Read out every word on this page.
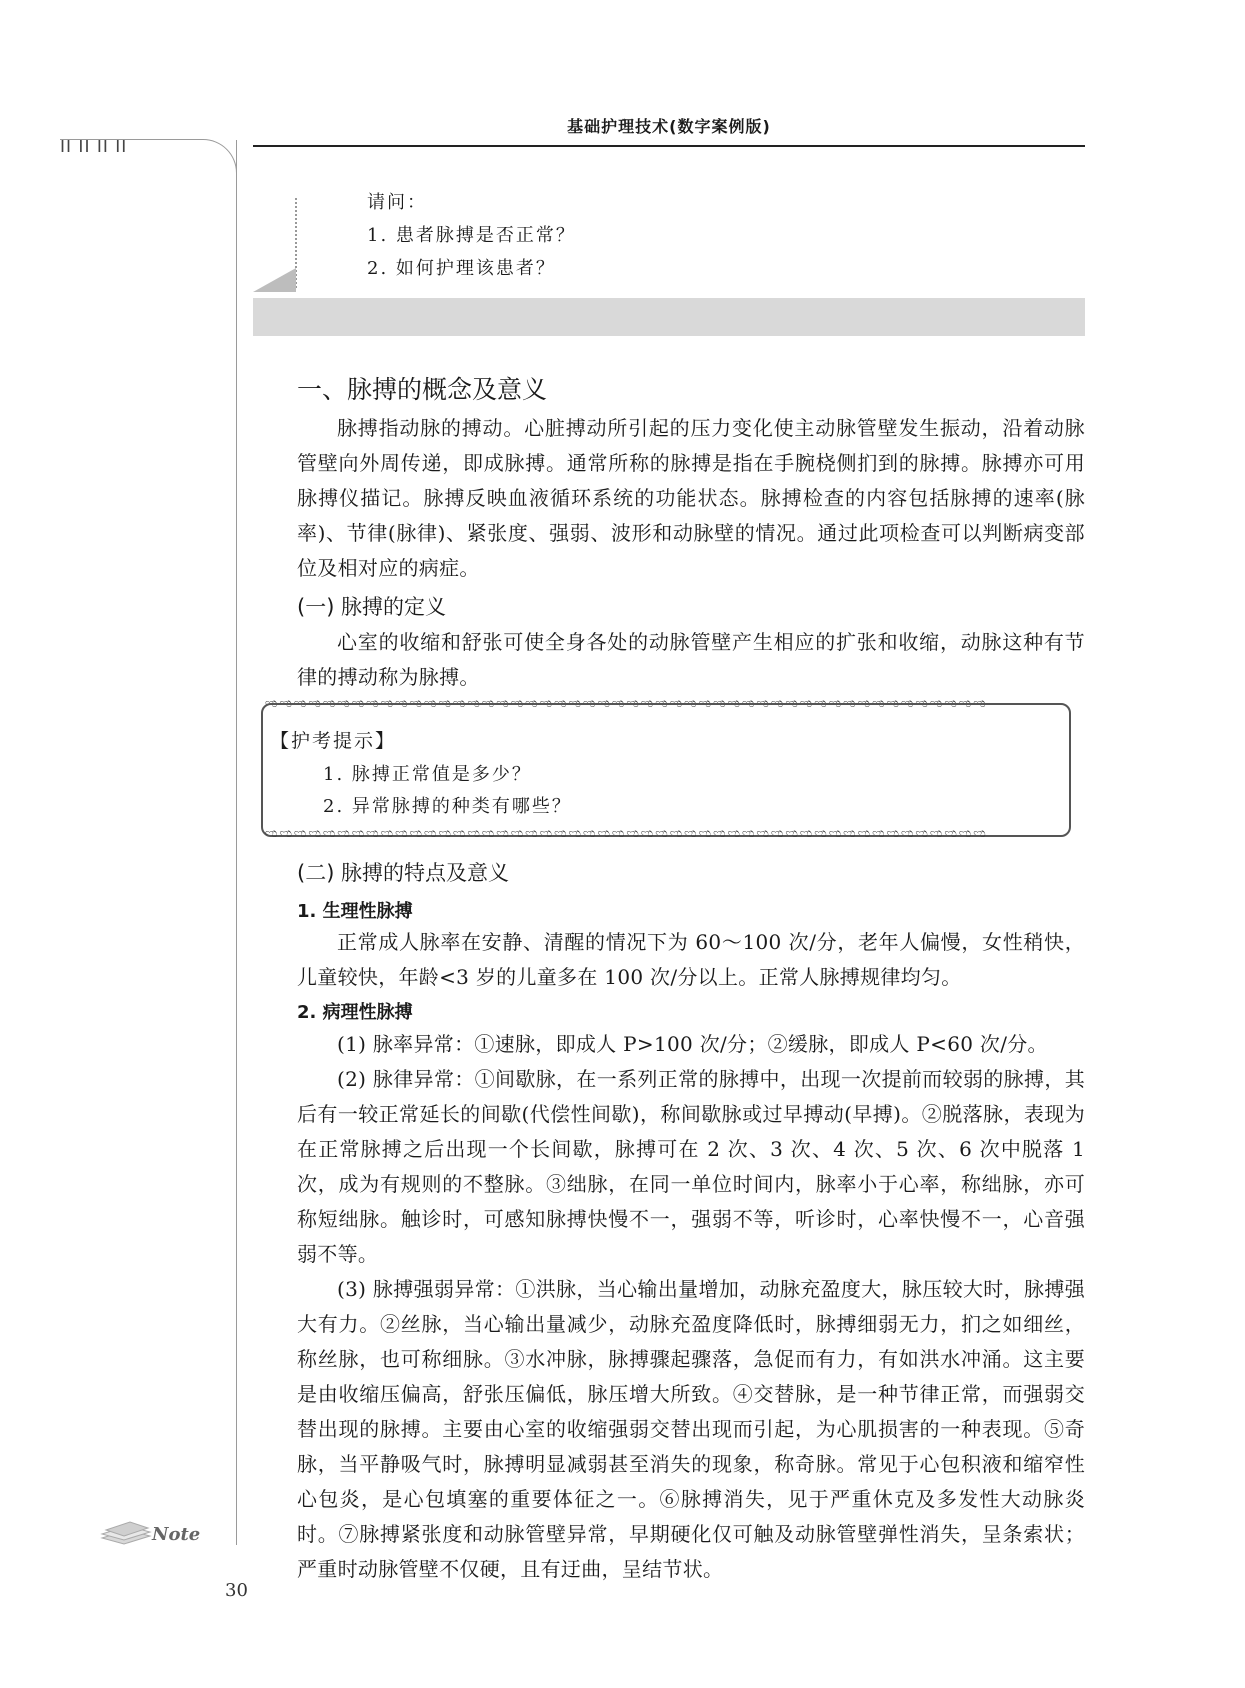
II II II II
基础护理技术(数字案例版)
请问：
1. 患者脉搏是否正常？
2. 如何护理该患者？
一、脉搏的概念及意义

脉搏指动脉的搏动。心脏搏动所引起的压力变化使主动脉管壁发生振动，沿着动脉管壁向外周传递，即成脉搏。通常所称的脉搏是指在手腕桡侧扪到的脉搏。脉搏亦可用脉搏仪描记。脉搏反映血液循环系统的功能状态。脉搏检查的内容包括脉搏的速率(脉率)、节律(脉律)、紧张度、强弱、波形和动脉壁的情况。通过此项检查可以判断病变部位及相对应的病症。

(一) 脉搏的定义

心室的收缩和舒张可使全身各处的动脉管壁产生相应的扩张和收缩，动脉这种有节律的搏动称为脉搏。

ಌಌಌಌಌಌಌಌಌಌಌಌಌಌಌಌಌಌಌಌಌಌಌಌಌಌಌಌಌಌಌಌಌಌಌಌಌಌಌಌಌಌಌಌಌಌಌಌಌಌ
ಌಌಌಌಌಌಌಌಌಌಌಌಌಌಌಌಌಌಌಌಌಌಌಌಌಌಌಌಌಌಌಌಌಌಌಌಌಌಌಌಌಌಌಌಌಌಌಌಌಌ
【护考提示】
1. 脉搏正常值是多少？
2. 异常脉搏的种类有哪些？
(二) 脉搏的特点及意义
1. 生理性脉搏

正常成人脉率在安静、清醒的情况下为 60～100 次/分，老年人偏慢，女性稍快，儿童较快，年龄<3 岁的儿童多在 100 次/分以上。正常人脉搏规律均匀。

2. 病理性脉搏

(1) 脉率异常：①速脉，即成人 P>100 次/分；②缓脉，即成人 P<60 次/分。

(2) 脉律异常：①间歇脉，在一系列正常的脉搏中，出现一次提前而较弱的脉搏，其后有一较正常延长的间歇(代偿性间歇)，称间歇脉或过早搏动(早搏)。②脱落脉，表现为在正常脉搏之后出现一个长间歇，脉搏可在 2 次、3 次、4 次、5 次、6 次中脱落 1 次，成为有规则的不整脉。③绌脉，在同一单位时间内，脉率小于心率，称绌脉，亦可称短绌脉。触诊时，可感知脉搏快慢不一，强弱不等，听诊时，心率快慢不一，心音强弱不等。

(3) 脉搏强弱异常：①洪脉，当心输出量增加，动脉充盈度大，脉压较大时，脉搏强大有力。②丝脉，当心输出量减少，动脉充盈度降低时，脉搏细弱无力，扪之如细丝，称丝脉，也可称细脉。③水冲脉，脉搏骤起骤落，急促而有力，有如洪水冲涌。这主要是由收缩压偏高，舒张压偏低，脉压增大所致。④交替脉，是一种节律正常，而强弱交替出现的脉搏。主要由心室的收缩强弱交替出现而引起，为心肌损害的一种表现。⑤奇脉，当平静吸气时，脉搏明显减弱甚至消失的现象，称奇脉。常见于心包积液和缩窄性心包炎，是心包填塞的重要体征之一。⑥脉搏消失，见于严重休克及多发性大动脉炎时。⑦脉搏紧张度和动脉管壁异常，早期硬化仅可触及动脉管壁弹性消失，呈条索状；严重时动脉管壁不仅硬，且有迂曲，呈结节状。

Note
30
